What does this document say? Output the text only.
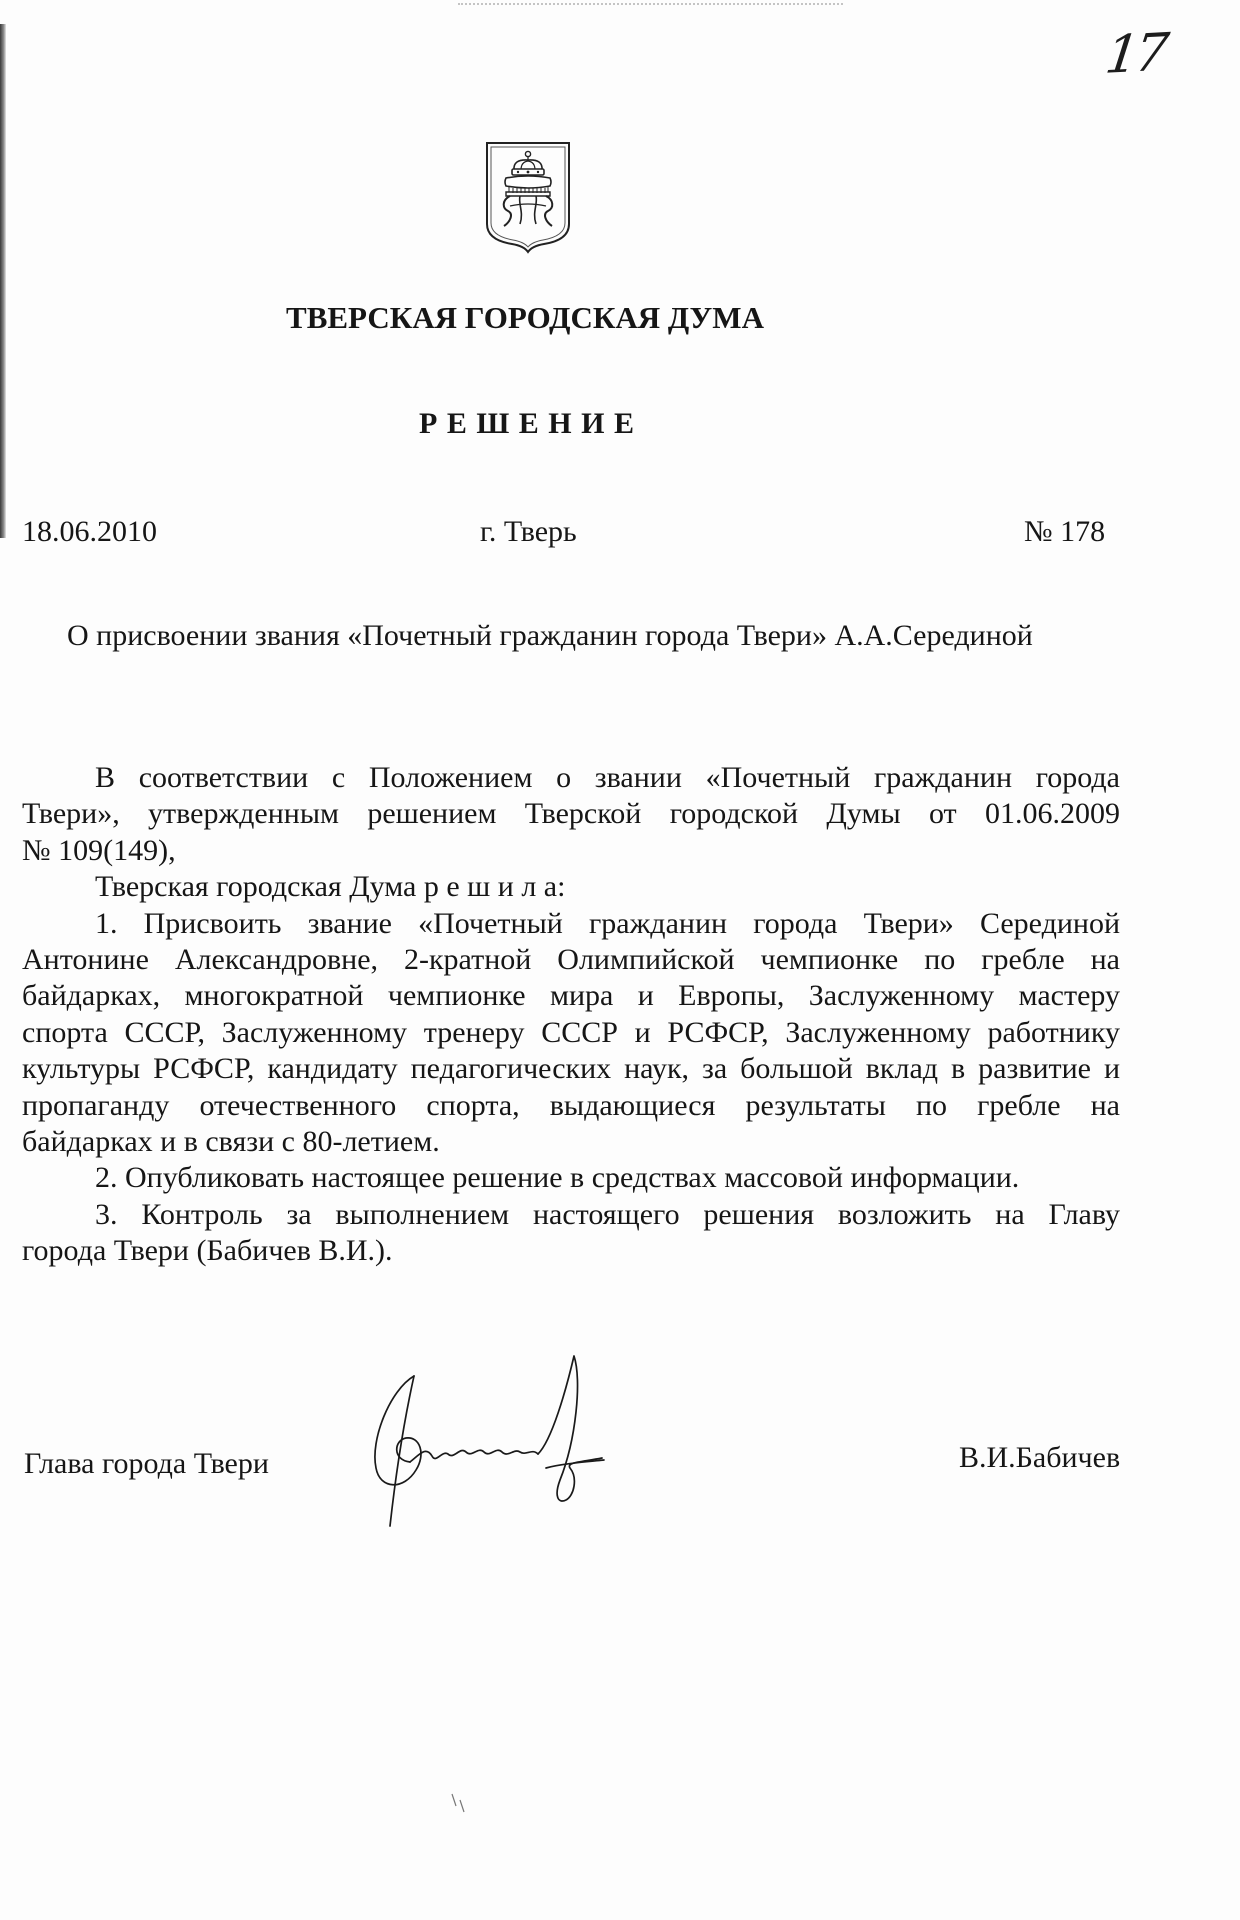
17
ТВЕРСКАЯ ГОРОДСКАЯ ДУМА
Р Е Ш Е Н И Е
18.06.2010	г. Тверь	№ 178
О присвоении звания «Почетный гражданин города Твери» А.А.Серединой
В соответствии с Положением о звании «Почетный гражданин города
Твери», утвержденным решением Тверской городской Думы от 01.06.2009
№ 109(149),
Тверская городская Дума р е ш и л а:
1. Присвоить звание «Почетный гражданин города Твери» Серединой
Антонине Александровне, 2-кратной Олимпийской чемпионке по гребле на
байдарках, многократной чемпионке мира и Европы, Заслуженному мастеру
спорта СССР, Заслуженному тренеру СССР и РСФСР, Заслуженному работнику
культуры РСФСР, кандидату педагогических наук, за большой вклад в развитие и
пропаганду отечественного спорта, выдающиеся результаты по гребле на
байдарках и в связи с 80-летием.
2. Опубликовать настоящее решение в средствах массовой информации.
3. Контроль за выполнением настоящего решения возложить на Главу
города Твери (Бабичев В.И.).
Глава города Твери	В.И.Бабичев
